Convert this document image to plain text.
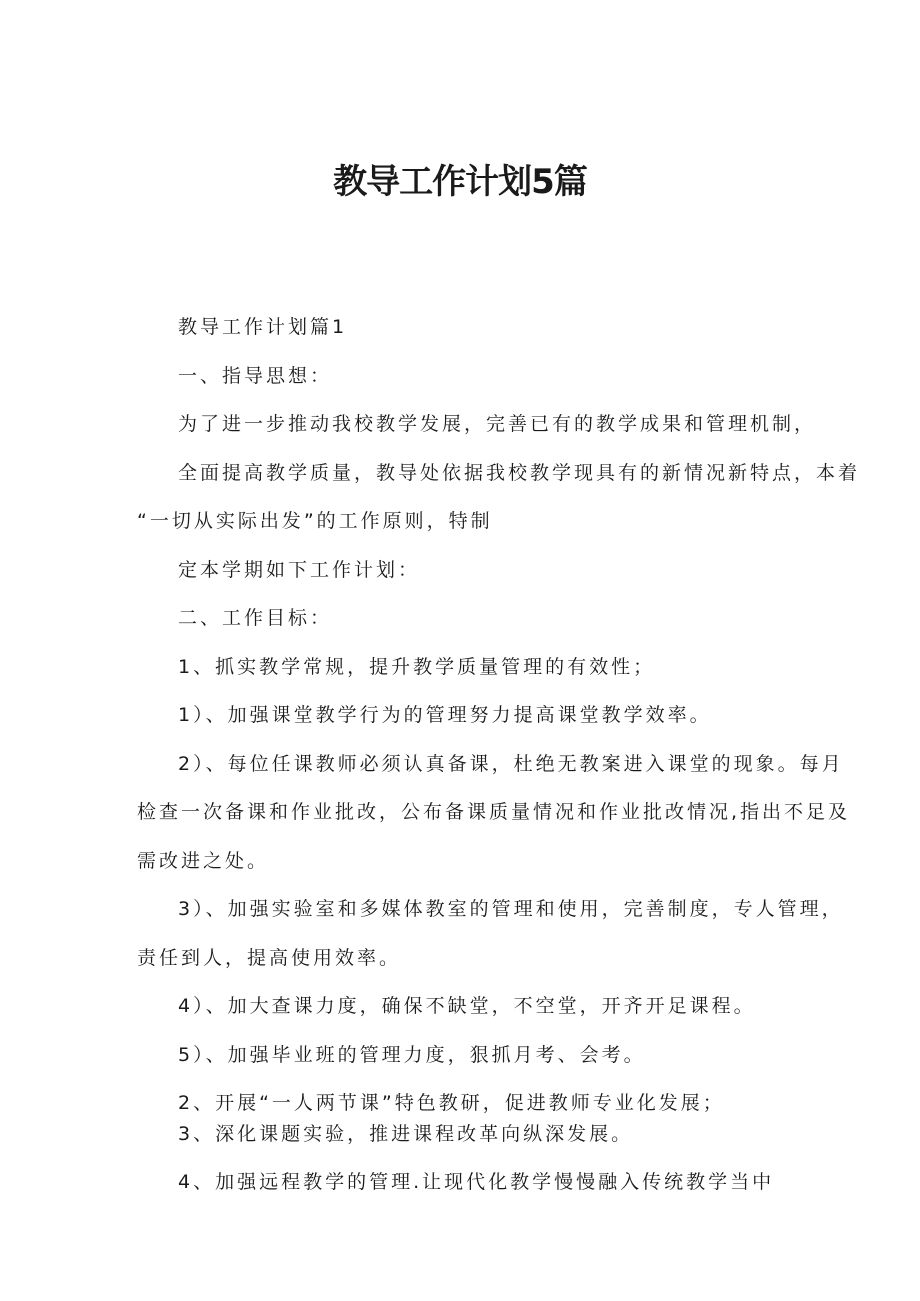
教导工作计划5篇

教导工作计划篇1

一、指导思想：

为了进一步推动我校教学发展，完善已有的教学成果和管理机制，

全面提高教学质量，教导处依据我校教学现具有的新情况新特点，本着

“一切从实际出发”的工作原则，特制

定本学期如下工作计划：

二、工作目标：

1、抓实教学常规，提升教学质量管理的有效性；

1）、加强课堂教学行为的管理努力提高课堂教学效率。

2）、每位任课教师必须认真备课，杜绝无教案进入课堂的现象。每月

检查一次备课和作业批改，公布备课质量情况和作业批改情况,指出不足及

需改进之处。

3）、加强实验室和多媒体教室的管理和使用，完善制度，专人管理，

责任到人，提高使用效率。

4）、加大查课力度，确保不缺堂，不空堂，开齐开足课程。

5）、加强毕业班的管理力度，狠抓月考、会考。

2、开展“一人两节课”特色教研，促进教师专业化发展；

3、深化课题实验，推进课程改革向纵深发展。

4、加强远程教学的管理.让现代化教学慢慢融入传统教学当中
